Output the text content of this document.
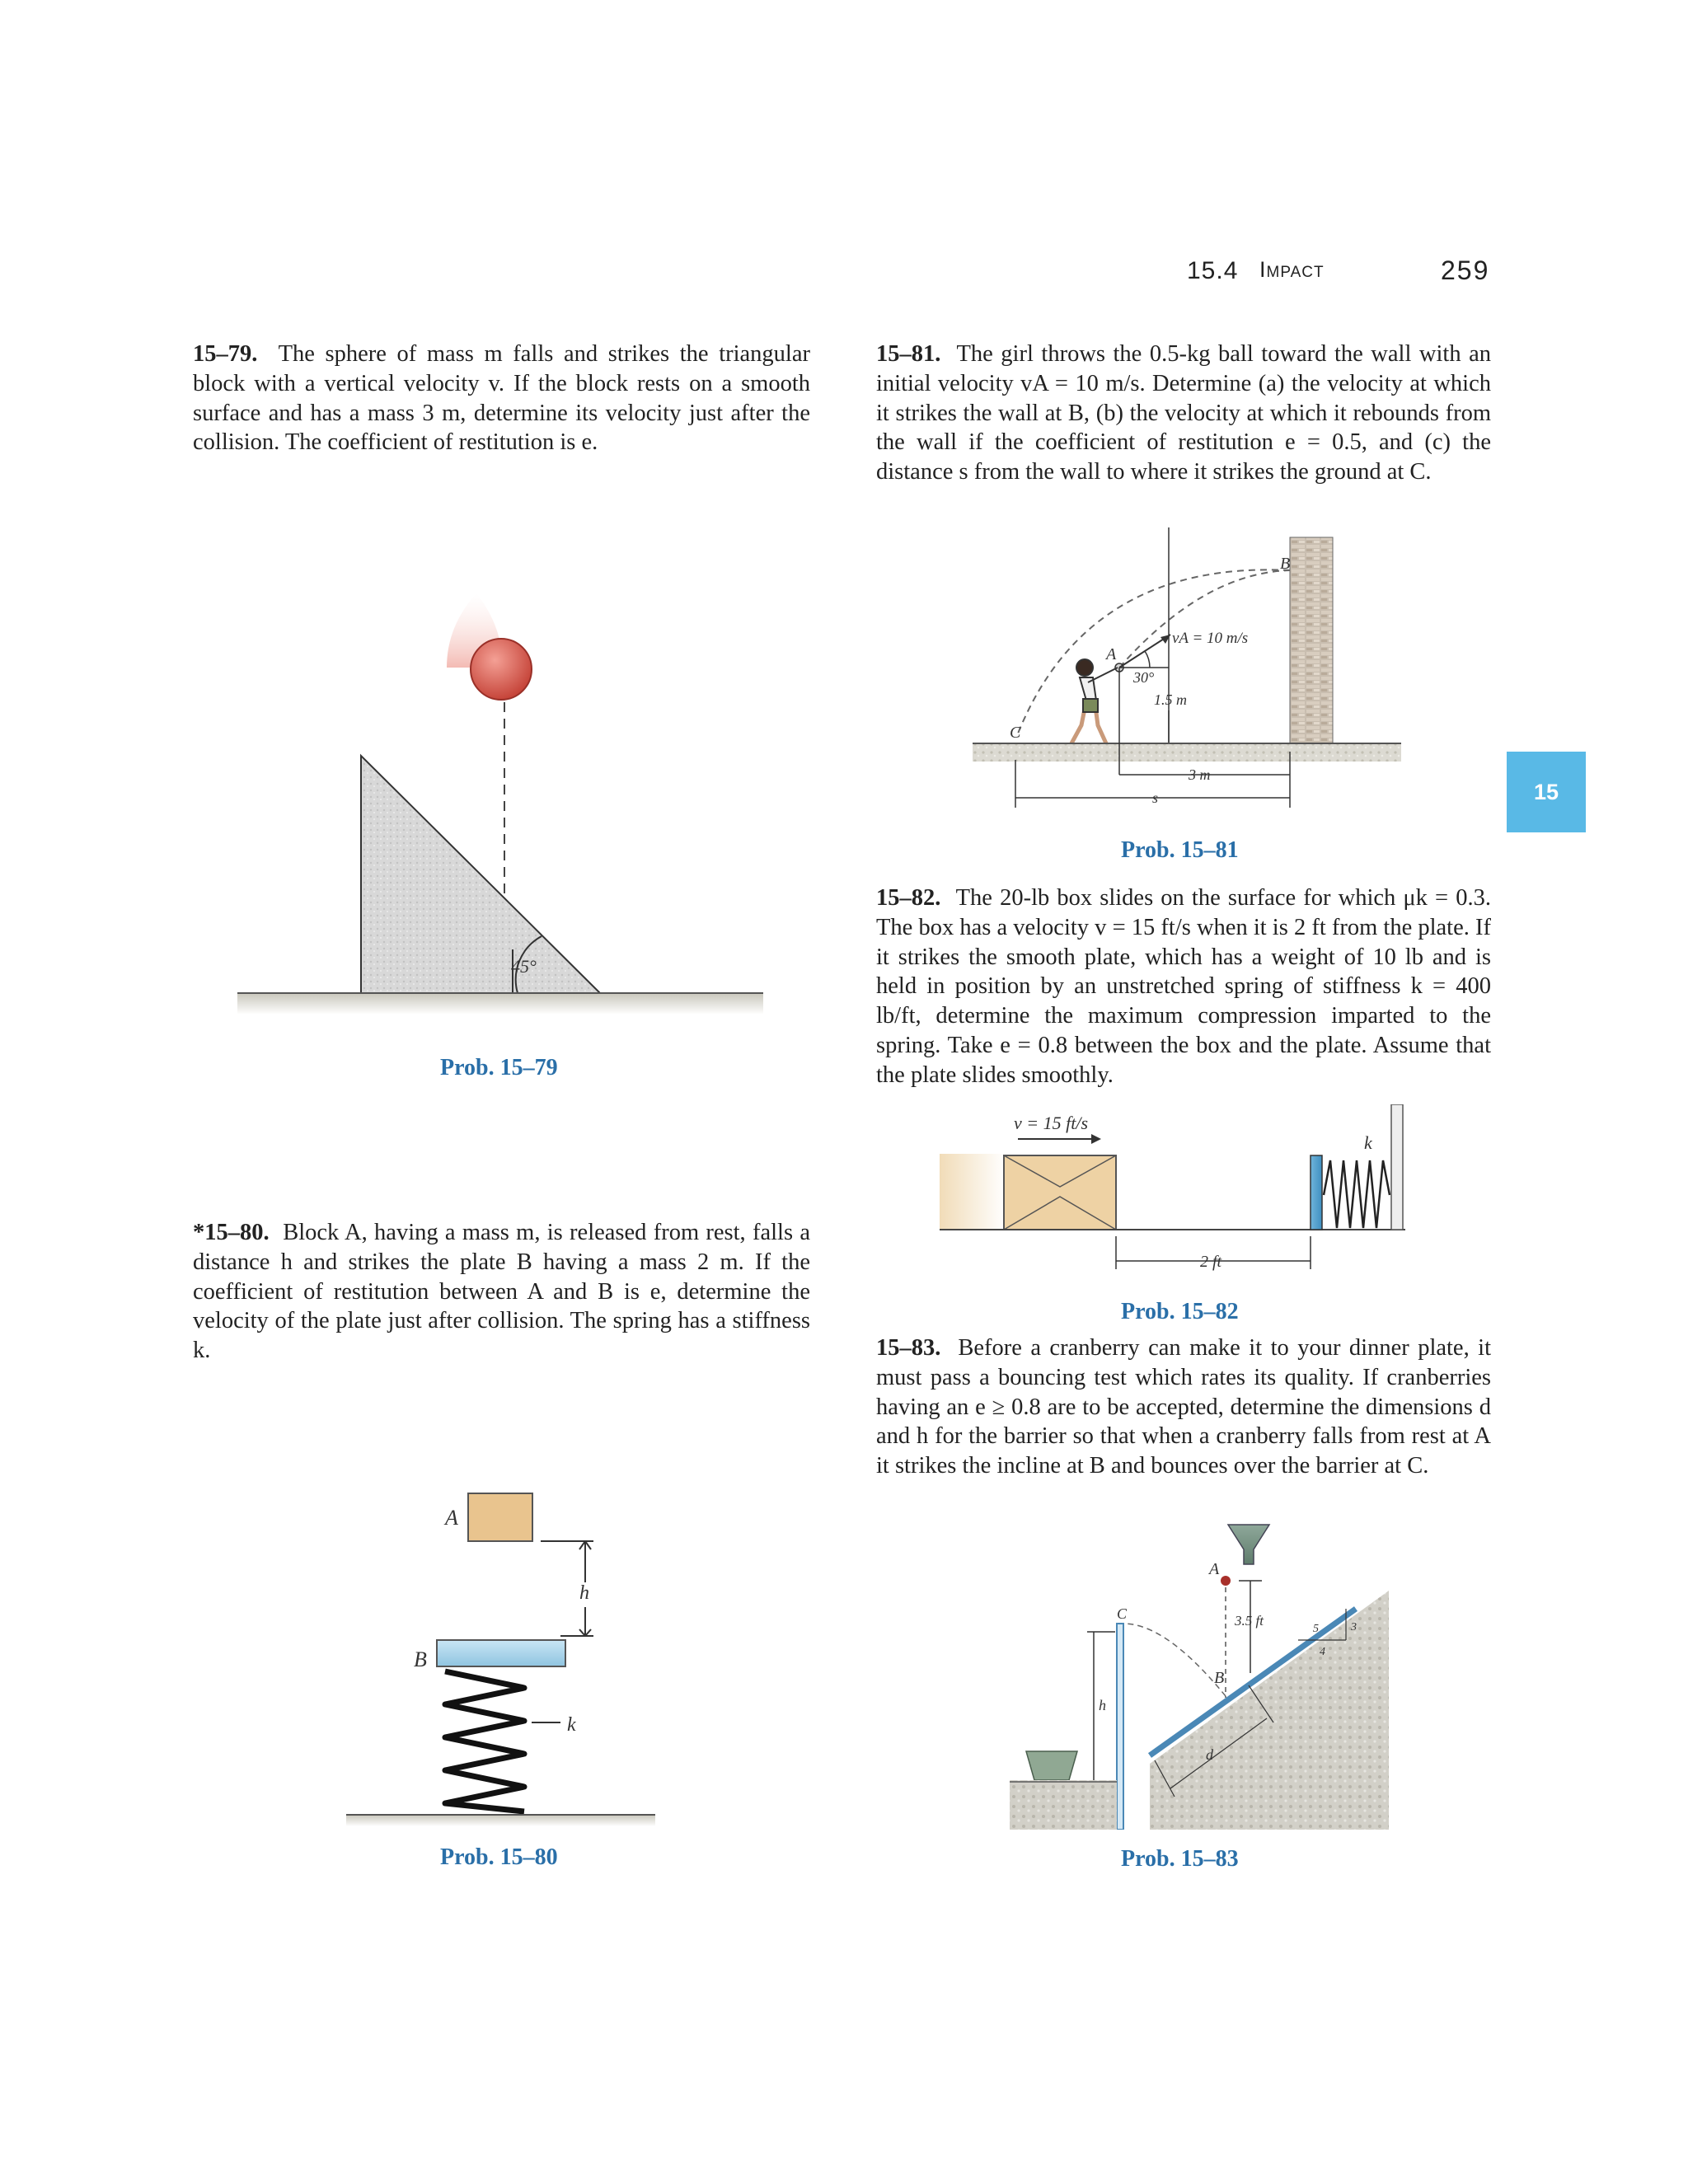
15.4 Impact	259
15

15–79. The sphere of mass m falls and strikes the triangular block with a vertical velocity v. If the block rests on a smooth surface and has a mass 3 m, determine its velocity just after the collision. The coefficient of restitution is e.

45°
Prob. 15–79

*15–80. Block A, having a mass m, is released from rest, falls a distance h and strikes the plate B having a mass 2 m. If the coefficient of restitution between A and B is e, determine the velocity of the plate just after collision. The spring has a stiffness k.

A
h
B
k
Prob. 15–80

15–81. The girl throws the 0.5-kg ball toward the wall with an initial velocity vA = 10 m/s. Determine (a) the velocity at which it strikes the wall at B, (b) the velocity at which it rebounds from the wall if the coefficient of restitution e = 0.5, and (c) the distance s from the wall to where it strikes the ground at C.

B
C
A
vA = 10 m/s
30°
1.5 m
3 m
s
Prob. 15–81

15–82. The 20-lb box slides on the surface for which μk = 0.3. The box has a velocity v = 15 ft/s when it is 2 ft from the plate. If it strikes the smooth plate, which has a weight of 10 lb and is held in position by an unstretched spring of stiffness k = 400 lb/ft, determine the maximum compression imparted to the spring. Take e = 0.8 between the box and the plate. Assume that the plate slides smoothly.

v = 15 ft/s
k
2 ft
Prob. 15–82

15–83. Before a cranberry can make it to your dinner plate, it must pass a bouncing test which rates its quality. If cranberries having an e ≥ 0.8 are to be accepted, determine the dimensions d and h for the barrier so that when a cranberry falls from rest at A it strikes the incline at B and bounces over the barrier at C.

A
3.5 ft
B
5	3
4
C
h
d
Prob. 15–83
